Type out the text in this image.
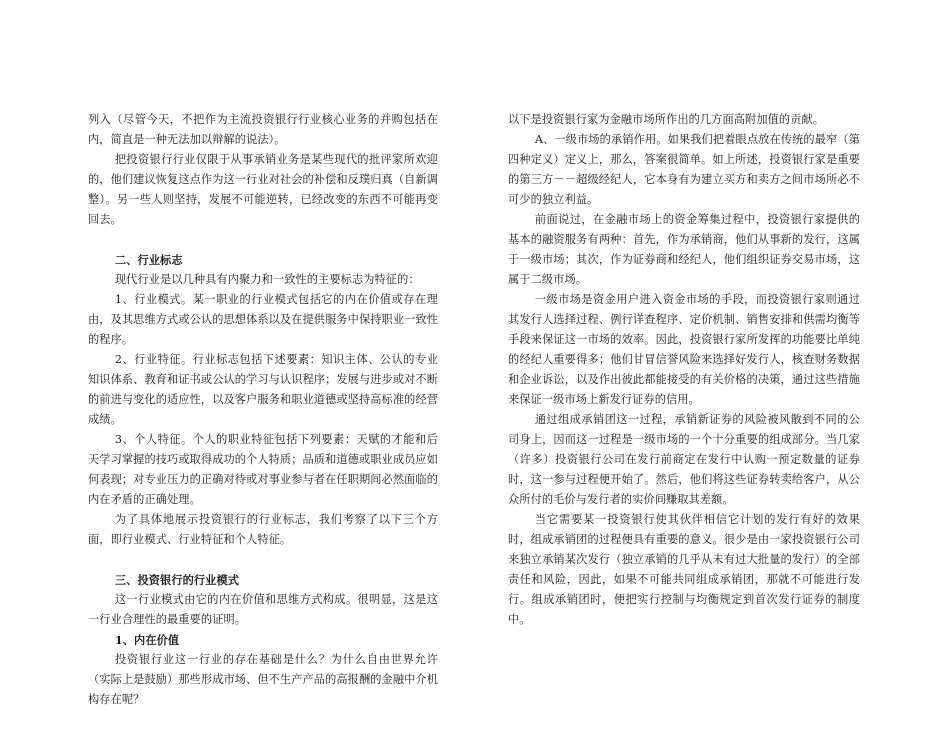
列入（尽管今天，不把作为主流投资银行行业核心业务的并购包括在内，简直是一种无法加以辩解的说法）。

把投资银行行业仅限于从事承销业务是某些现代的批评家所欢迎的，他们建议恢复这点作为这一行业对社会的补偿和反璞归真（自新调整）。另一些人则坚持，发展不可能逆转，已经改变的东西不可能再变回去。

二、行业标志

现代行业是以几种具有内聚力和一致性的主要标志为特征的：

1、行业模式。某一职业的行业模式包括它的内在价值或存在理由，及其思维方式或公认的思想体系以及在提供服务中保持职业一致性的程序。

2、行业特征。行业标志包括下述要素：知识主体、公认的专业知识体系、教育和证书或公认的学习与认识程序；发展与进步或对不断的前进与变化的适应性，以及客户服务和职业道德或坚持高标准的经营成绩。

3、个人特征。个人的职业特征包括下列要素：天赋的才能和后天学习掌握的技巧或取得成功的个人特质；品质和道德或职业成员应如何表现；对专业压力的正确对待或对事业参与者在任职期间必然面临的内在矛盾的正确处理。

为了具体地展示投资银行的行业标志，我们考察了以下三个方面，即行业模式、行业特征和个人特征。

三、投资银行的行业模式

这一行业模式由它的内在价值和思维方式构成。很明显，这是这一行业合理性的最重要的证明。

1、内在价值

投资银行业这一行业的存在基础是什么？为什么自由世界允许（实际上是鼓励）那些形成市场、但不生产产品的高报酬的金融中介机构存在呢？

以下是投资银行家为金融市场所作出的几方面高附加值的贡献。

A、一级市场的承销作用。如果我们把着眼点放在传统的最窄（第四种定义）定义上，那么，答案很简单。如上所述，投资银行家是重要的第三方－－超级经纪人，它本身有为建立买方和卖方之间市场所必不可少的独立利益。

前面说过，在金融市场上的资金筹集过程中，投资银行家提供的基本的融资服务有两种：首先，作为承销商，他们从事新的发行，这属于一级市场；其次，作为证券商和经纪人，他们组织证券交易市场，这属于二级市场。

一级市场是资金用户进入资金市场的手段，而投资银行家则通过其发行人选择过程、例行详查程序、定价机制、销售安排和供需均衡等手段来保证这一市场的效率。因此，投资银行家所发挥的功能要比单纯的经纪人重要得多；他们甘冒信誉风险来选择好发行人，核查财务数据和企业诉讼，以及作出彼此都能接受的有关价格的决策，通过这些措施来保证一级市场上新发行证券的信用。

通过组成承销团这一过程，承销新证券的风险被风散到不同的公司身上，因而这一过程是一级市场的一个十分重要的组成部分。当几家（许多）投资银行公司在发行前商定在发行中认购一预定数量的证券时，这一参与过程便开始了。然后，他们将这些证券转卖给客户，从公众所付的毛价与发行者的实价间赚取其差额。

当它需要某一投资银行使其伙伴相信它计划的发行有好的效果时，组成承销团的过程便具有重要的意义。很少是由一家投资银行公司来独立承销某次发行（独立承销的几乎从未有过大批量的发行）的全部责任和风险，因此，如果不可能共同组成承销团，那就不可能进行发行。组成承销团时，便把实行控制与均衡规定到首次发行证券的制度中。
